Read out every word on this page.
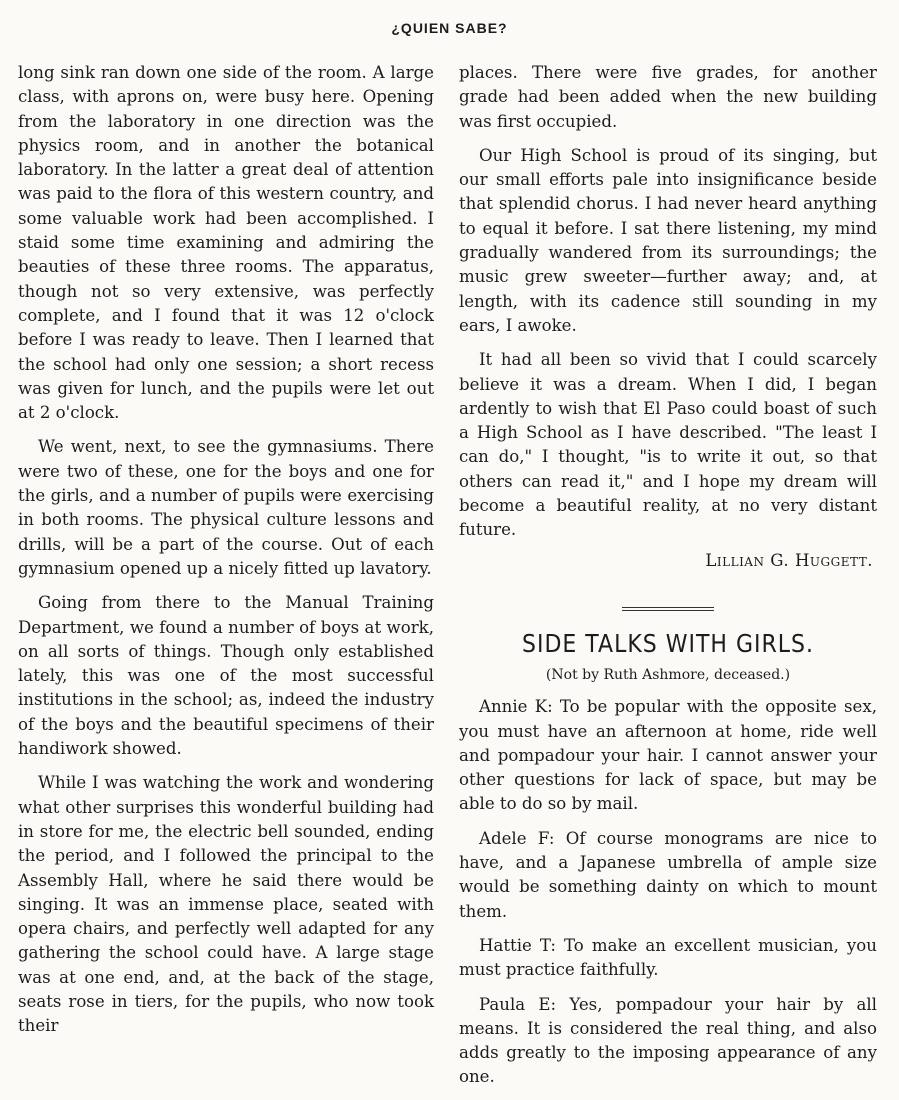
¿QUIEN SABE?

long sink ran down one side of the room. A large class, with aprons on, were busy here. Opening from the laboratory in one direction was the physics room, and in another the botanical laboratory. In the latter a great deal of attention was paid to the flora of this western country, and some valuable work had been accomplished. I staid some time examining and admiring the beauties of these three rooms. The apparatus, though not so very extensive, was perfectly complete, and I found that it was 12 o'clock before I was ready to leave. Then I learned that the school had only one session; a short recess was given for lunch, and the pupils were let out at 2 o'clock.

We went, next, to see the gymnasiums. There were two of these, one for the boys and one for the girls, and a number of pupils were exercising in both rooms. The physical culture lessons and drills, will be a part of the course. Out of each gymnasium opened up a nicely fitted up lavatory.

Going from there to the Manual Training Department, we found a number of boys at work, on all sorts of things. Though only established lately, this was one of the most successful institutions in the school; as, indeed the industry of the boys and the beautiful specimens of their handiwork showed.

While I was watching the work and wondering what other surprises this wonderful building had in store for me, the electric bell sounded, ending the period, and I followed the principal to the Assembly Hall, where he said there would be singing. It was an immense place, seated with opera chairs, and perfectly well adapted for any gathering the school could have. A large stage was at one end, and, at the back of the stage, seats rose in tiers, for the pupils, who now took their

places. There were five grades, for another grade had been added when the new building was first occupied.

Our High School is proud of its singing, but our small efforts pale into insignificance beside that splendid chorus. I had never heard anything to equal it before. I sat there listening, my mind gradually wandered from its surroundings; the music grew sweeter—further away; and, at length, with its cadence still sounding in my ears, I awoke.

It had all been so vivid that I could scarcely believe it was a dream. When I did, I began ardently to wish that El Paso could boast of such a High School as I have described. "The least I can do," I thought, "is to write it out, so that others can read it," and I hope my dream will become a beautiful reality, at no very distant future.

Lillian G. Huggett.
SIDE TALKS WITH GIRLS.
(Not by Ruth Ashmore, deceased.)

Annie K: To be popular with the opposite sex, you must have an afternoon at home, ride well and pompadour your hair. I cannot answer your other questions for lack of space, but may be able to do so by mail.

Adele F: Of course monograms are nice to have, and a Japanese umbrella of ample size would be something dainty on which to mount them.

Hattie T: To make an excellent musician, you must practice faithfully.

Paula E: Yes, pompadour your hair by all means. It is considered the real thing, and also adds greatly to the imposing appearance of any one.
